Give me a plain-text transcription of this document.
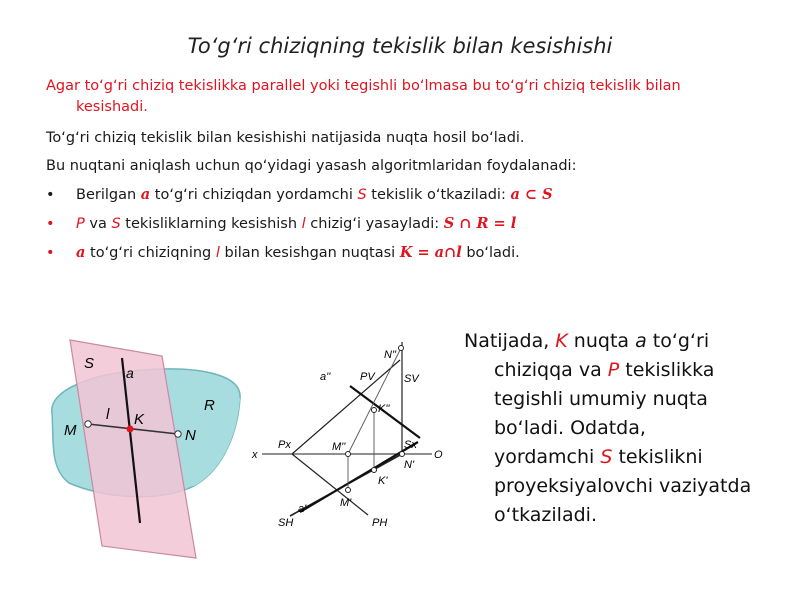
To‘g‘ri chiziqning tekislik bilan kesishishi
Agar to‘g‘ri chiziq tekislikka parallel yoki tegishli bo‘lmasa bu to‘g‘ri chiziq tekislik bilan
kesishadi.
To‘g‘ri chiziq tekislik bilan kesishishi natijasida nuqta hosil bo‘ladi.
Bu nuqtani aniqlash uchun qo‘yidagi yasash algoritmlaridan foydalanadi:
• Berilgan a to‘g‘ri chiziqdan yordamchi S tekislik o‘tkaziladi: a ⊂ S
• P va S tekisliklarning kesishish l chizig‘i yasayladi: S ∩ R = l
• a to‘g‘ri chiziqning l bilan kesishgan nuqtasi K = a∩l bo‘ladi.
S
a
R
M
l K
N
N''
a''	PV	SV
K''
x
Px	M''	Sx
O
N'
K'
M'
a'
SH	PH
Natijada, K nuqta a to‘g‘ri
chiziqqa va P tekislikka
tegishli umumiy nuqta
bo‘ladi. Odatda,
yordamchi S tekislikni
proyeksiyalovchi vaziyatda
o‘tkaziladi.
